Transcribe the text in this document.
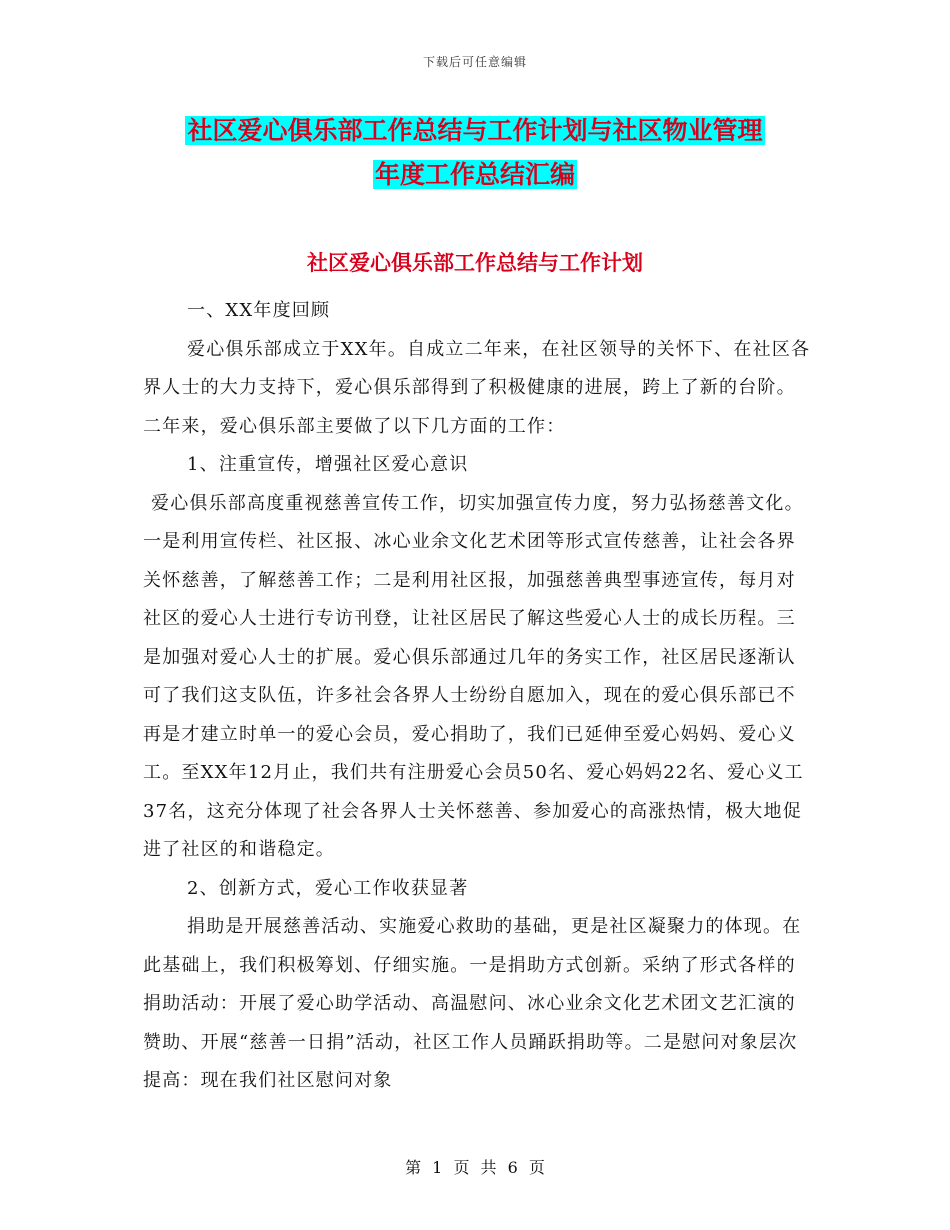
下载后可任意编辑
社区爱心俱乐部工作总结与工作计划与社区物业管理
年度工作总结汇编
社区爱心俱乐部工作总结与工作计划

一、XX年度回顾

爱心俱乐部成立于XX年。自成立二年来，在社区领导的关怀下、在社区各界人士的大力支持下，爱心俱乐部得到了积极健康的进展，跨上了新的台阶。二年来，爱心俱乐部主要做了以下几方面的工作：

1、注重宣传，增强社区爱心意识

爱心俱乐部高度重视慈善宣传工作，切实加强宣传力度，努力弘扬慈善文化。一是利用宣传栏、社区报、冰心业余文化艺术团等形式宣传慈善，让社会各界关怀慈善，了解慈善工作；二是利用社区报，加强慈善典型事迹宣传，每月对社区的爱心人士进行专访刊登，让社区居民了解这些爱心人士的成长历程。三是加强对爱心人士的扩展。爱心俱乐部通过几年的务实工作，社区居民逐渐认可了我们这支队伍，许多社会各界人士纷纷自愿加入，现在的爱心俱乐部已不再是才建立时单一的爱心会员，爱心捐助了，我们已延伸至爱心妈妈、爱心义工。至XX年12月止，我们共有注册爱心会员50名、爱心妈妈22名、爱心义工37名，这充分体现了社会各界人士关怀慈善、参加爱心的高涨热情，极大地促进了社区的和谐稳定。

2、创新方式，爱心工作收获显著

捐助是开展慈善活动、实施爱心救助的基础，更是社区凝聚力的体现。在此基础上，我们积极筹划、仔细实施。一是捐助方式创新。采纳了形式各样的捐助活动：开展了爱心助学活动、高温慰问、冰心业余文化艺术团文艺汇演的赞助、开展“慈善一日捐”活动，社区工作人员踊跃捐助等。二是慰问对象层次提高：现在我们社区慰问对象

第 1 页 共 6 页
